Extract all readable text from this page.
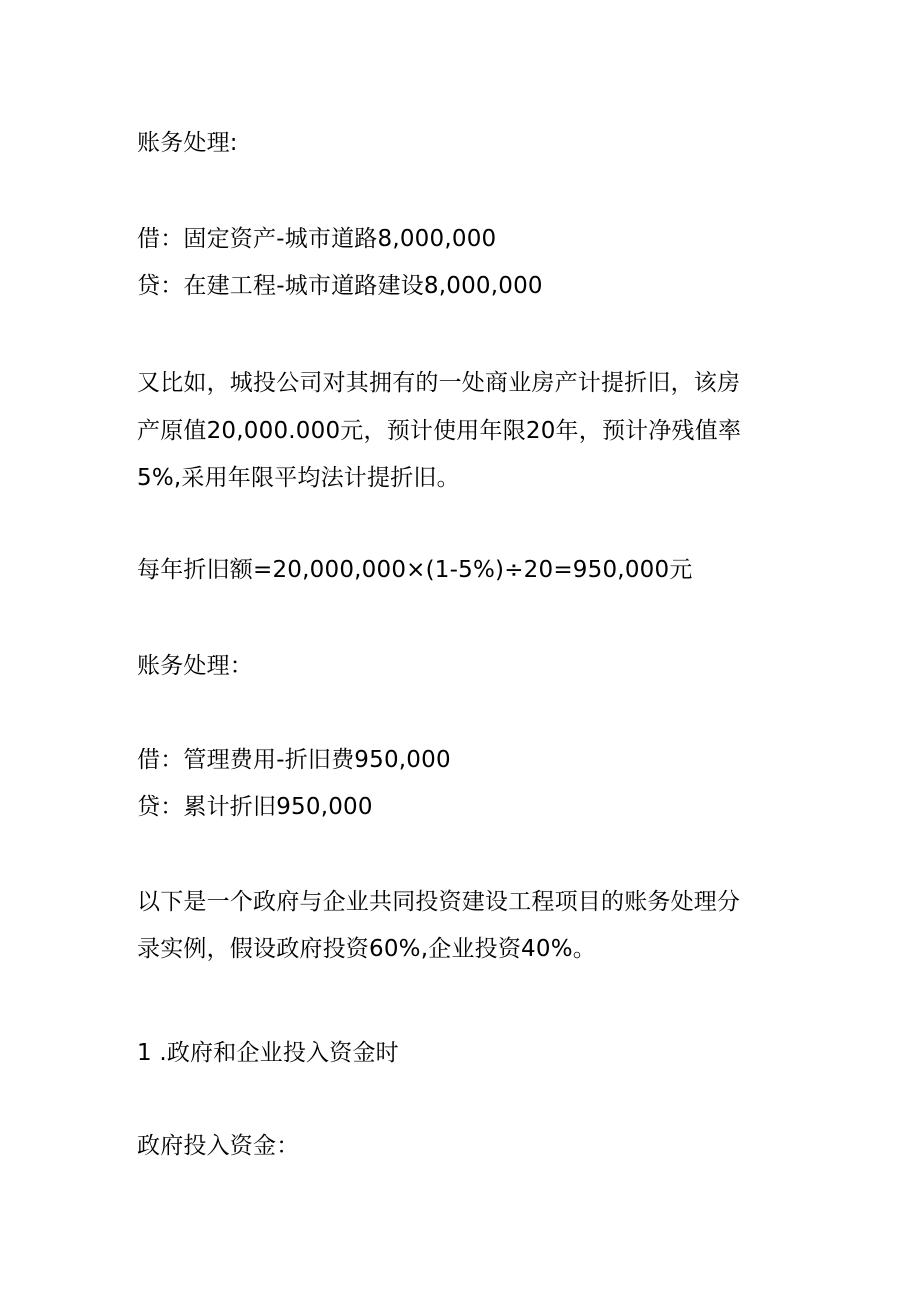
账务处理:
借：固定资产-城市道路8,000,000
贷：在建工程-城市道路建设8,000,000
又比如，城投公司对其拥有的一处商业房产计提折旧，该房
产原值20,000.000元，预计使用年限20年，预计净残值率
5%,采用年限平均法计提折旧。
每年折旧额=20,000,000×(1-5%)÷20=950,000元
账务处理：
借：管理费用-折旧费950,000
贷：累计折旧950,000
以下是一个政府与企业共同投资建设工程项目的账务处理分
录实例，假设政府投资60%,企业投资40%。
1 .政府和企业投入资金时
政府投入资金：
